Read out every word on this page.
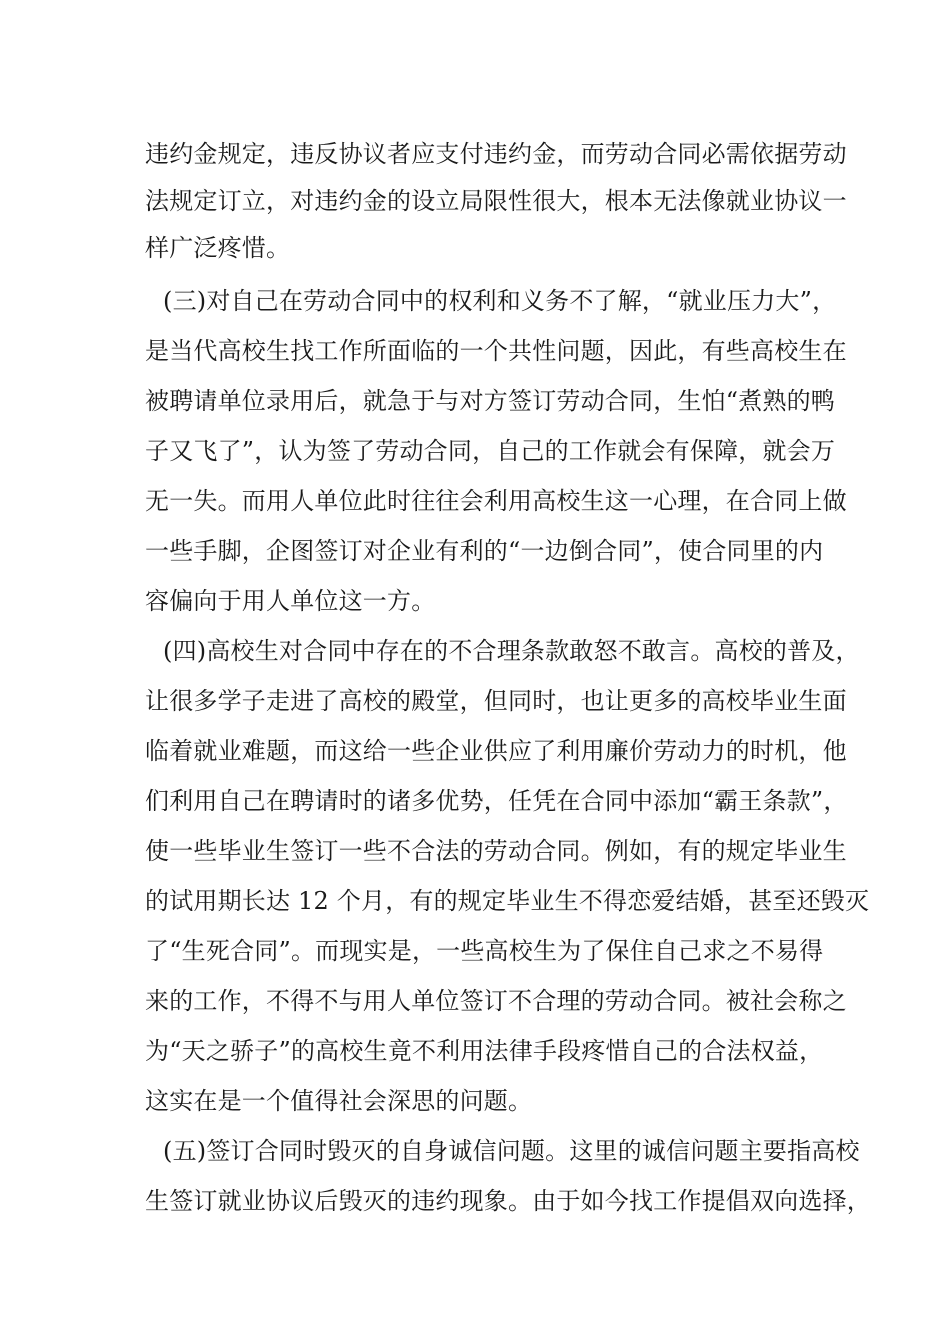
违约金规定，违反协议者应支付违约金，而劳动合同必需依据劳动
法规定订立，对违约金的设立局限性很大，根本无法像就业协议一
样广泛疼惜。
(三)对自己在劳动合同中的权利和义务不了解，“就业压力大”，
是当代高校生找工作所面临的一个共性问题，因此，有些高校生在
被聘请单位录用后，就急于与对方签订劳动合同，生怕“煮熟的鸭
子又飞了”，认为签了劳动合同，自己的工作就会有保障，就会万
无一失。而用人单位此时往往会利用高校生这一心理，在合同上做
一些手脚，企图签订对企业有利的“一边倒合同”，使合同里的内
容偏向于用人单位这一方。
(四)高校生对合同中存在的不合理条款敢怒不敢言。高校的普及，
让很多学子走进了高校的殿堂，但同时，也让更多的高校毕业生面
临着就业难题，而这给一些企业供应了利用廉价劳动力的时机，他
们利用自己在聘请时的诸多优势，任凭在合同中添加“霸王条款”，
使一些毕业生签订一些不合法的劳动合同。例如，有的规定毕业生
的试用期长达 12 个月，有的规定毕业生不得恋爱结婚，甚至还毁灭
了“生死合同”。而现实是，一些高校生为了保住自己求之不易得
来的工作，不得不与用人单位签订不合理的劳动合同。被社会称之
为“天之骄子”的高校生竟不利用法律手段疼惜自己的合法权益，
这实在是一个值得社会深思的问题。
(五)签订合同时毁灭的自身诚信问题。这里的诚信问题主要指高校
生签订就业协议后毁灭的违约现象。由于如今找工作提倡双向选择，
